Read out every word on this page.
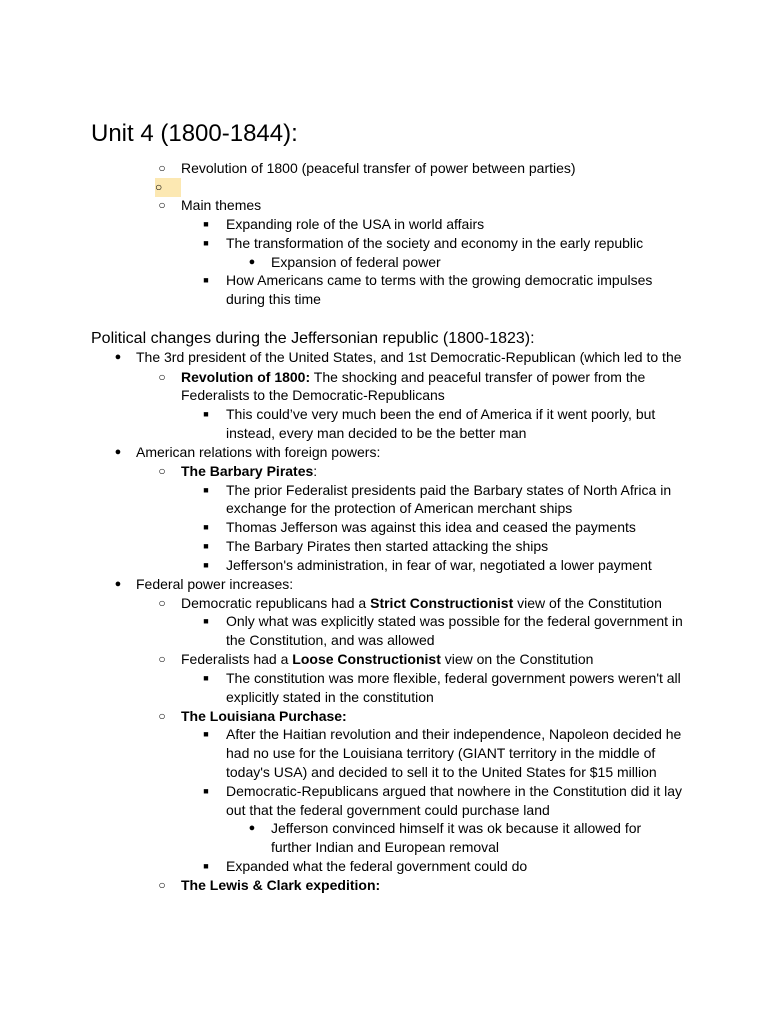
Unit 4 (1800-1844):
○ Revolution of 1800 (peaceful transfer of power between parties)
○
○ Main themes
■	Expanding role of the USA in world affairs
■	The transformation of the society and economy in the early republic
● Expansion of federal power
■	How Americans came to terms with the growing democratic impulses
during this time
Political changes during the Jeffersonian republic (1800-1823):
● The 3rd president of the United States, and 1st Democratic-Republican (which led to the
○ Revolution of 1800: The shocking and peaceful transfer of power from the
Federalists to the Democratic-Republicans
■	This could’ve very much been the end of America if it went poorly, but
instead, every man decided to be the better man
● American relations with foreign powers:
○ The Barbary Pirates:
■	The prior Federalist presidents paid the Barbary states of North Africa in
exchange for the protection of American merchant ships
■	Thomas Jefferson was against this idea and ceased the payments
■	The Barbary Pirates then started attacking the ships
■	Jefferson's administration, in fear of war, negotiated a lower payment
● Federal power increases:
○ Democratic republicans had a Strict Constructionist view of the Constitution
■	Only what was explicitly stated was possible for the federal government in
the Constitution, and was allowed
○ Federalists had a Loose Constructionist view on the Constitution
■	The constitution was more flexible, federal government powers weren't all
explicitly stated in the constitution
○ The Louisiana Purchase:
■	After the Haitian revolution and their independence, Napoleon decided he
had no use for the Louisiana territory (GIANT territory in the middle of
today's USA) and decided to sell it to the United States for $15 million
■	Democratic-Republicans argued that nowhere in the Constitution did it lay
out that the federal government could purchase land
● Jefferson convinced himself it was ok because it allowed for
further Indian and European removal
■	Expanded what the federal government could do
○ The Lewis & Clark expedition:
